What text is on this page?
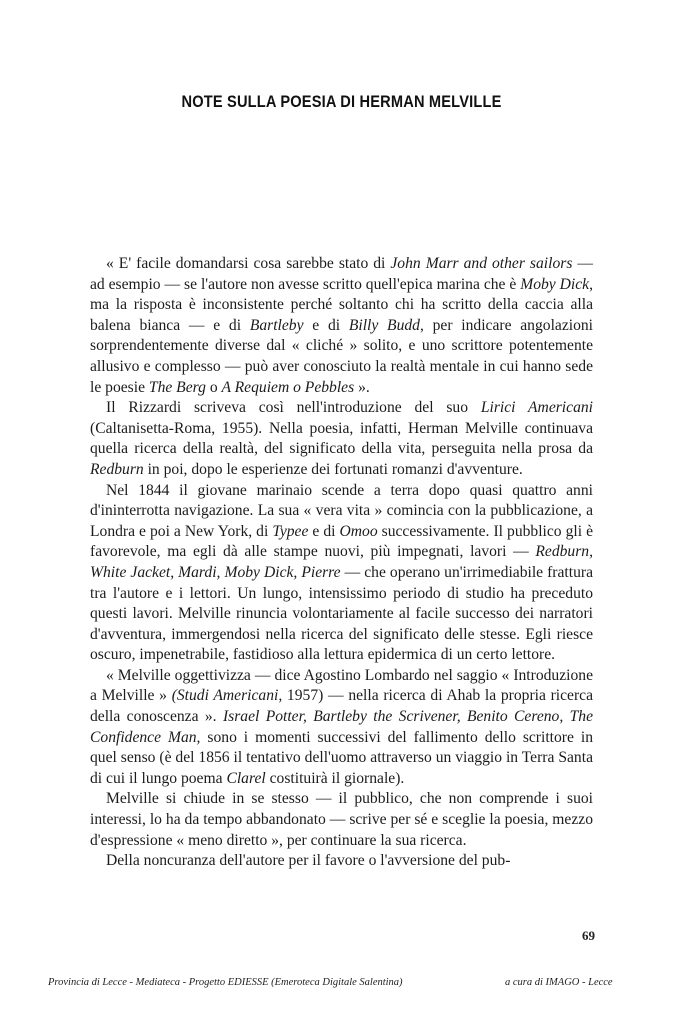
NOTE SULLA POESIA DI HERMAN MELVILLE

« E' facile domandarsi cosa sarebbe stato di John Marr and other sailors — ad esempio — se l'autore non avesse scritto quell'epica marina che è Moby Dick, ma la risposta è inconsistente perché soltanto chi ha scritto della caccia alla balena bianca — e di Bartleby e di Billy Budd, per indicare angolazioni sorprendentemente diverse dal « cliché » solito, e uno scrittore potentemente allusivo e complesso — può aver conosciuto la realtà mentale in cui hanno sede le poesie The Berg o A Requiem o Pebbles ».

Il Rizzardi scriveva così nell'introduzione del suo Lirici Americani (Caltanisetta-Roma, 1955). Nella poesia, infatti, Herman Melville continuava quella ricerca della realtà, del significato della vita, perseguita nella prosa da Redburn in poi, dopo le esperienze dei fortunati romanzi d'avventure.

Nel 1844 il giovane marinaio scende a terra dopo quasi quattro anni d'ininterrotta navigazione. La sua « vera vita » comincia con la pubblicazione, a Londra e poi a New York, di Typee e di Omoo successivamente. Il pubblico gli è favorevole, ma egli dà alle stampe nuovi, più impegnati, lavori — Redburn, White Jacket, Mardi, Moby Dick, Pierre — che operano un'irrimediabile frattura tra l'autore e i lettori. Un lungo, intensissimo periodo di studio ha preceduto questi lavori. Melville rinuncia volontariamente al facile successo dei narratori d'avventura, immergendosi nella ricerca del significato delle stesse. Egli riesce oscuro, impenetrabile, fastidioso alla lettura epidermica di un certo lettore.

« Melville oggettivizza — dice Agostino Lombardo nel saggio « Introduzione a Melville » (Studi Americani, 1957) — nella ricerca di Ahab la propria ricerca della conoscenza ». Israel Potter, Bartleby the Scrivener, Benito Cereno, The Confidence Man, sono i momenti successivi del fallimento dello scrittore in quel senso (è del 1856 il tentativo dell'uomo attraverso un viaggio in Terra Santa di cui il lungo poema Clarel costituirà il giornale).

Melville si chiude in se stesso — il pubblico, che non comprende i suoi interessi, lo ha da tempo abbandonato — scrive per sé e sceglie la poesia, mezzo d'espressione « meno diretto », per continuare la sua ricerca.

Della noncuranza dell'autore per il favore o l'avversione del pub-

69
Provincia di Lecce - Mediateca - Progetto EDIESSE (Emeroteca Digitale Salentina)	a cura di IMAGO - Lecce
